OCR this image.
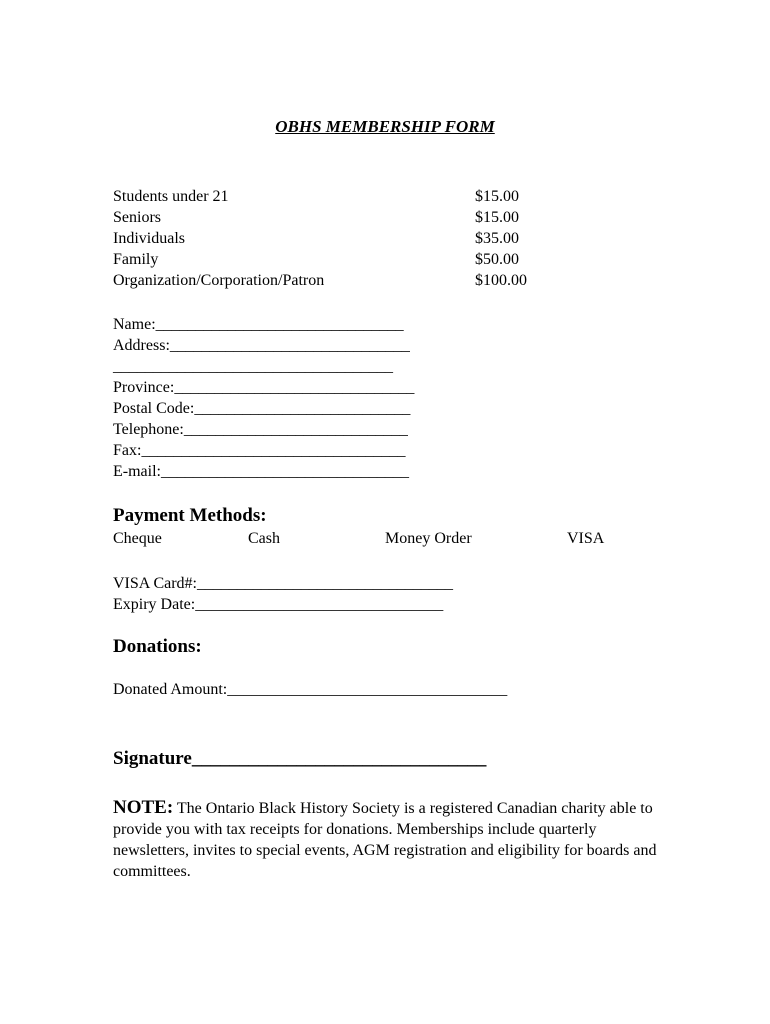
OBHS MEMBERSHIP FORM
Students under 21	$15.00
Seniors	$15.00
Individuals	$35.00
Family	$50.00
Organization/Corporation/Patron	$100.00
Name:_______________________________
Address:______________________________
___________________________________
Province:______________________________
Postal Code:___________________________
Telephone:____________________________
Fax:_________________________________
E-mail:_______________________________
Payment Methods:
Cheque	Cash	Money Order	VISA
VISA Card#:________________________________
Expiry Date:_______________________________
Donations:
Donated Amount:___________________________________
Signature_______________________________
NOTE: The Ontario Black History Society is a registered Canadian charity able to provide you with tax receipts for donations. Memberships include quarterly newsletters, invites to special events, AGM registration and eligibility for boards and committees.
